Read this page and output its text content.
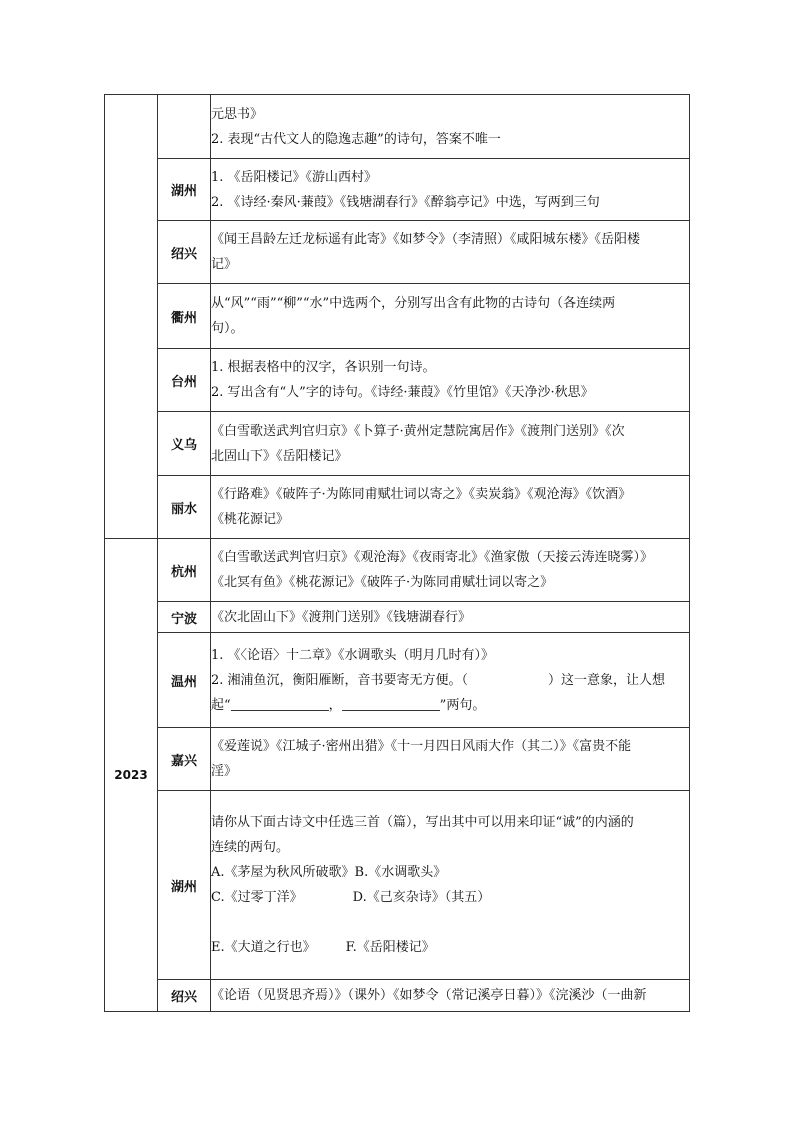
		元思书》
2. 表现“古代文人的隐逸志趣”的诗句，答案不唯一

	湖州	1. 《岳阳楼记》《游山西村》
2. 《诗经·秦风·蒹葭》《钱塘湖春行》《醉翁亭记》中选，写两到三句

	绍兴	《闻王昌龄左迁龙标遥有此寄》《如梦令》（李清照）《咸阳城东楼》《岳阳楼
记》

	衢州	从“风”“雨”“柳”“水”中选两个，分别写出含有此物的古诗句（各连续两
句）。

	台州	1. 根据表格中的汉字，各识别一句诗。
2. 写出含有“人”字的诗句。《诗经·蒹葭》《竹里馆》《天净沙·秋思》

	义乌	《白雪歌送武判官归京》《卜算子·黄州定慧院寓居作》《渡荆门送别》《次
北固山下》《岳阳楼记》

	丽水	《行路难》《破阵子·为陈同甫赋壮词以寄之》《卖炭翁》《观沧海》《饮酒》
《桃花源记》

2023	杭州	《白雪歌送武判官归京》《观沧海》《夜雨寄北》《渔家傲（天接云涛连晓雾）》
《北冥有鱼》《桃花源记》《破阵子·为陈同甫赋壮词以寄之》

	宁波	《次北固山下》《渡荆门送别》《钱塘湖春行》

	温州	1. 《〈论语〉十二章》《水调歌头（明月几时有）》
2. 湘浦鱼沉，衡阳雁断，音书要寄无方便。（ ）这一意象，让人想
起“ ， ”两句。

	嘉兴	《爱莲说》《江城子·密州出猎》《十一月四日风雨大作（其二）》《富贵不能
淫》

	湖州	请你从下面古诗文中任选三首（篇），写出其中可以用来印证“诚”的内涵的
连续的两句。
A.《茅屋为秋风所破歌》B.《水调歌头》
C.《过零丁洋》 D.《己亥杂诗》（其五）
E.《大道之行也》 F.《岳阳楼记》

	绍兴	《论语（见贤思齐焉）》（课外）《如梦令（常记溪亭日暮）》《浣溪沙（一曲新
